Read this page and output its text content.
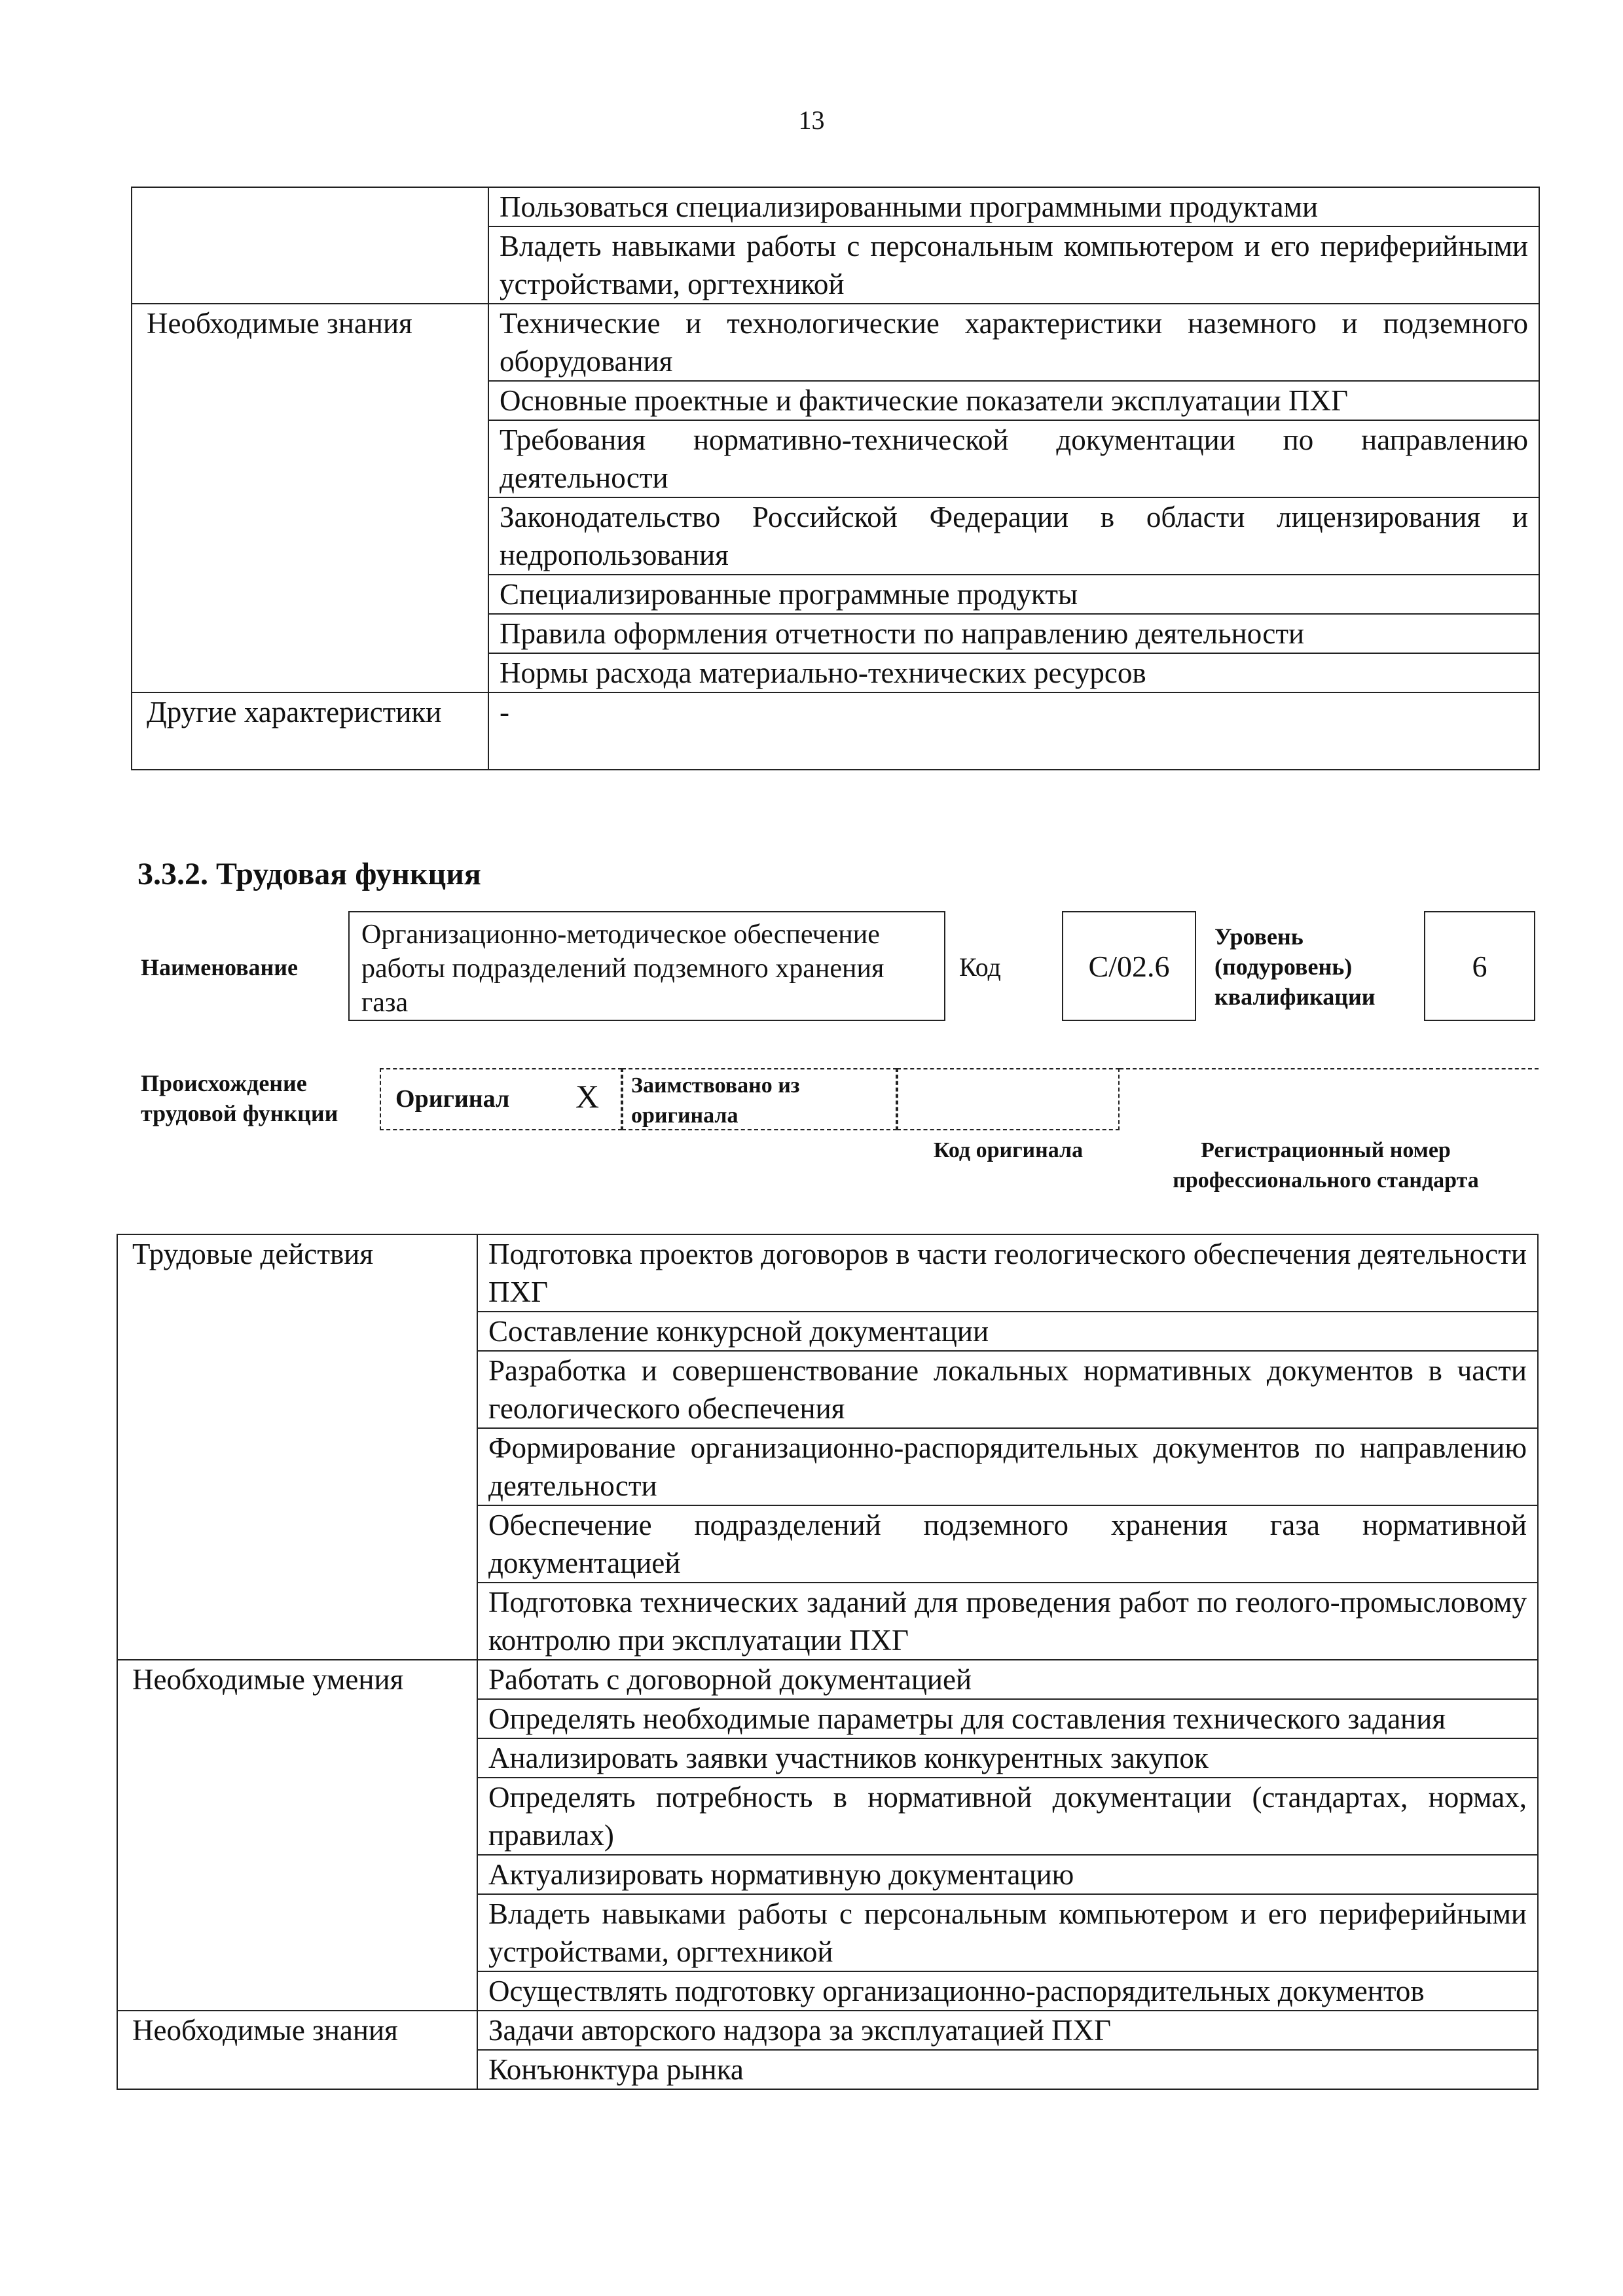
13
	Пользоваться специализированными программными продуктами
	Владеть навыками работы с персональным компьютером и его периферийными устройствами, оргтехникой
Необходимые знания	Технические и технологические характеристики наземного и подземного оборудования
	Основные проектные и фактические показатели эксплуатации ПХГ
	Требования нормативно-технической документации по направлению деятельности
	Законодательство Российской Федерации в области лицензирования и недропользования
	Специализированные программные продукты
	Правила оформления отчетности по направлению деятельности
	Нормы расхода материально-технических ресурсов
Другие характеристики	-
3.3.2. Трудовая функция
Наименование
Организационно-методическое обеспечение работы подразделений подземного хранения газа
Код	С/02.6
Уровень (подуровень) квалификации
6
Происхождение трудовой функции
Оригинал X Заимствовано из оригинала
Код оригинала	Регистрационный номер профессионального стандарта
Трудовые действия	Подготовка проектов договоров в части геологического обеспечения деятельности ПХГ
	Составление конкурсной документации
	Разработка и совершенствование локальных нормативных документов в части геологического обеспечения
	Формирование организационно-распорядительных документов по направлению деятельности
	Обеспечение подразделений подземного хранения газа нормативной документацией
	Подготовка технических заданий для проведения работ по геолого-промысловому контролю при эксплуатации ПХГ
Необходимые умения	Работать с договорной документацией
	Определять необходимые параметры для составления технического задания
	Анализировать заявки участников конкурентных закупок
	Определять потребность в нормативной документации (стандартах, нормах, правилах)
	Актуализировать нормативную документацию
	Владеть навыками работы с персональным компьютером и его периферийными устройствами, оргтехникой
	Осуществлять подготовку организационно-распорядительных документов
Необходимые знания	Задачи авторского надзора за эксплуатацией ПХГ
	Конъюнктура рынка
